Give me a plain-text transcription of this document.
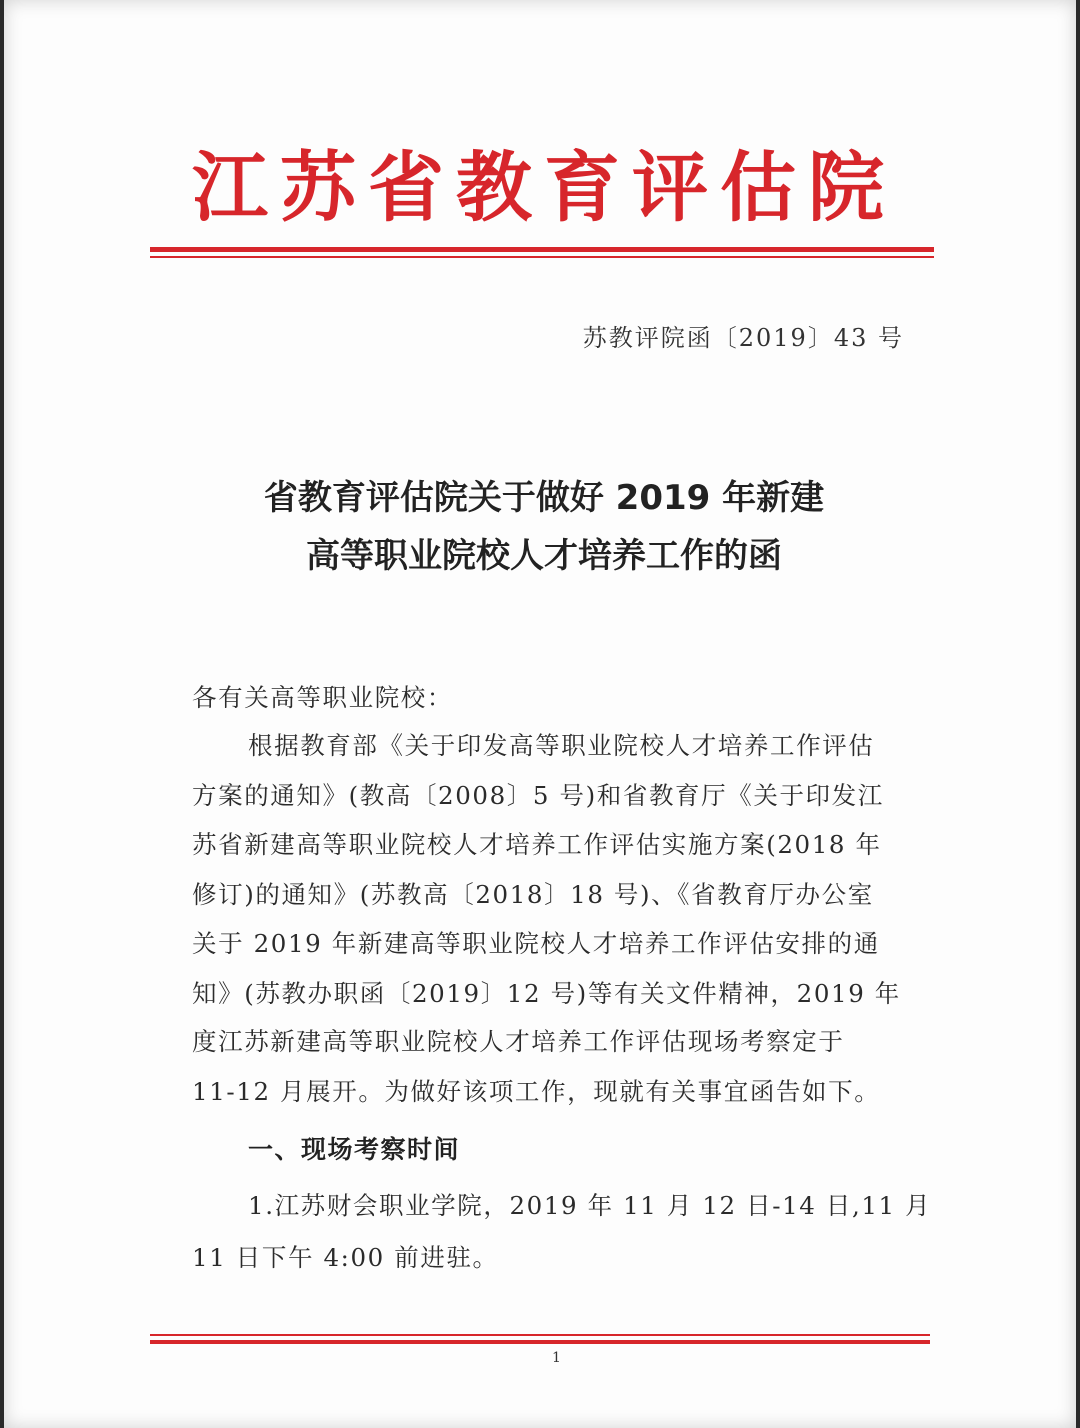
江苏省教育评估院
苏教评院函〔2019〕43 号
省教育评估院关于做好 2019 年新建
高等职业院校人才培养工作的函
各有关高等职业院校：
根据教育部《关于印发高等职业院校人才培养工作评估
方案的通知》(教高〔2008〕5 号)和省教育厅《关于印发江
苏省新建高等职业院校人才培养工作评估实施方案(2018 年
修订)的通知》(苏教高〔2018〕18 号)、《省教育厅办公室
关于 2019 年新建高等职业院校人才培养工作评估安排的通
知》(苏教办职函〔2019〕12 号)等有关文件精神，2019 年
度江苏新建高等职业院校人才培养工作评估现场考察定于
11-12 月展开。为做好该项工作，现就有关事宜函告如下。
一、现场考察时间
1.江苏财会职业学院，2019 年 11 月 12 日-14 日,11 月
11 日下午 4:00 前进驻。
1
